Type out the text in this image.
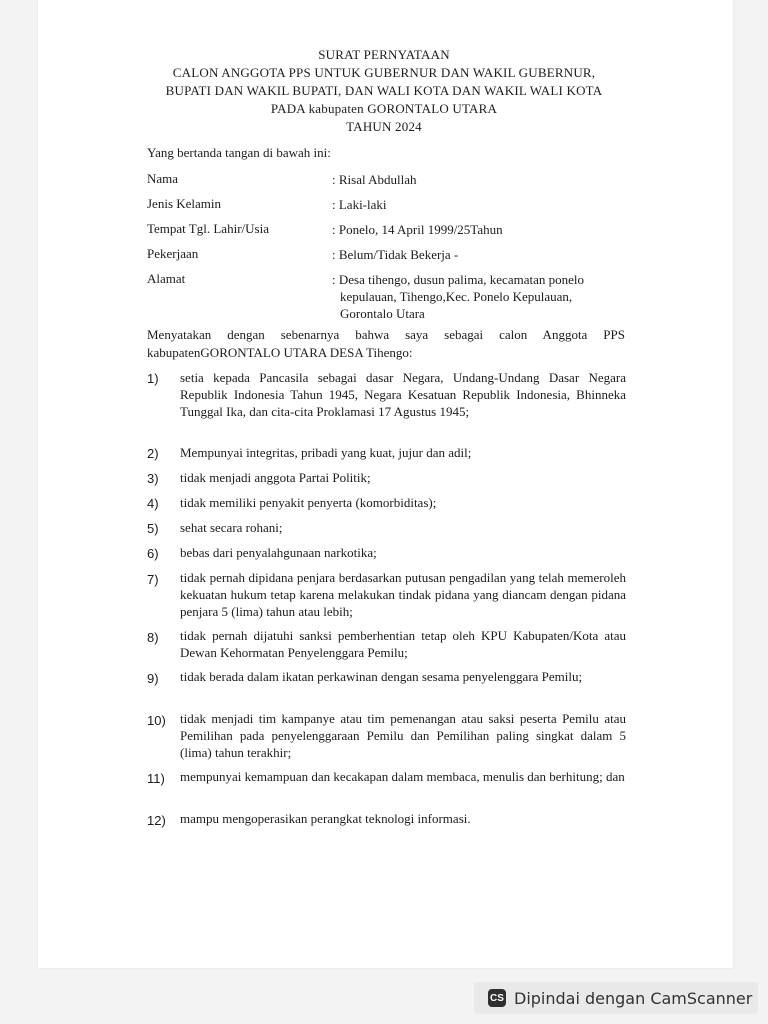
SURAT PERNYATAAN
CALON ANGGOTA PPS UNTUK GUBERNUR DAN WAKIL GUBERNUR,
BUPATI DAN WAKIL BUPATI, DAN WALI KOTA DAN WAKIL WALI KOTA
PADA kabupaten GORONTALO UTARA
TAHUN 2024
Yang bertanda tangan di bawah ini:
Nama	: Risal Abdullah
Jenis Kelamin	: Laki-laki
Tempat Tgl. Lahir/Usia	: Ponelo, 14 April 1999/25Tahun
Pekerjaan	: Belum/Tidak Bekerja -
Alamat	: Desa tihengo, dusun palima, kecamatan ponelo
kepulauan, Tihengo,Kec. Ponelo Kepulauan,
Gorontalo Utara
Menyatakan dengan sebenarnya bahwa saya sebagai calon Anggota PPS kabupatenGORONTALO UTARA DESA Tihengo:
1) setia kepada Pancasila sebagai dasar Negara, Undang-Undang Dasar Negara Republik Indonesia Tahun 1945, Negara Kesatuan Republik Indonesia, Bhinneka Tunggal Ika, dan cita-cita Proklamasi 17 Agustus 1945;
2) Mempunyai integritas, pribadi yang kuat, jujur dan adil;
3) tidak menjadi anggota Partai Politik;
4) tidak memiliki penyakit penyerta (komorbiditas);
5) sehat secara rohani;
6) bebas dari penyalahgunaan narkotika;
7) tidak pernah dipidana penjara berdasarkan putusan pengadilan yang telah memeroleh kekuatan hukum tetap karena melakukan tindak pidana yang diancam dengan pidana penjara 5 (lima) tahun atau lebih;
8) tidak pernah dijatuhi sanksi pemberhentian tetap oleh KPU Kabupaten/Kota atau Dewan Kehormatan Penyelenggara Pemilu;
9) tidak berada dalam ikatan perkawinan dengan sesama penyelenggara Pemilu;
10) tidak menjadi tim kampanye atau tim pemenangan atau saksi peserta Pemilu atau Pemilihan pada penyelenggaraan Pemilu dan Pemilihan paling singkat dalam 5 (lima) tahun terakhir;
11) mempunyai kemampuan dan kecakapan dalam membaca, menulis dan berhitung; dan
12) mampu mengoperasikan perangkat teknologi informasi.
CS Dipindai dengan CamScanner
